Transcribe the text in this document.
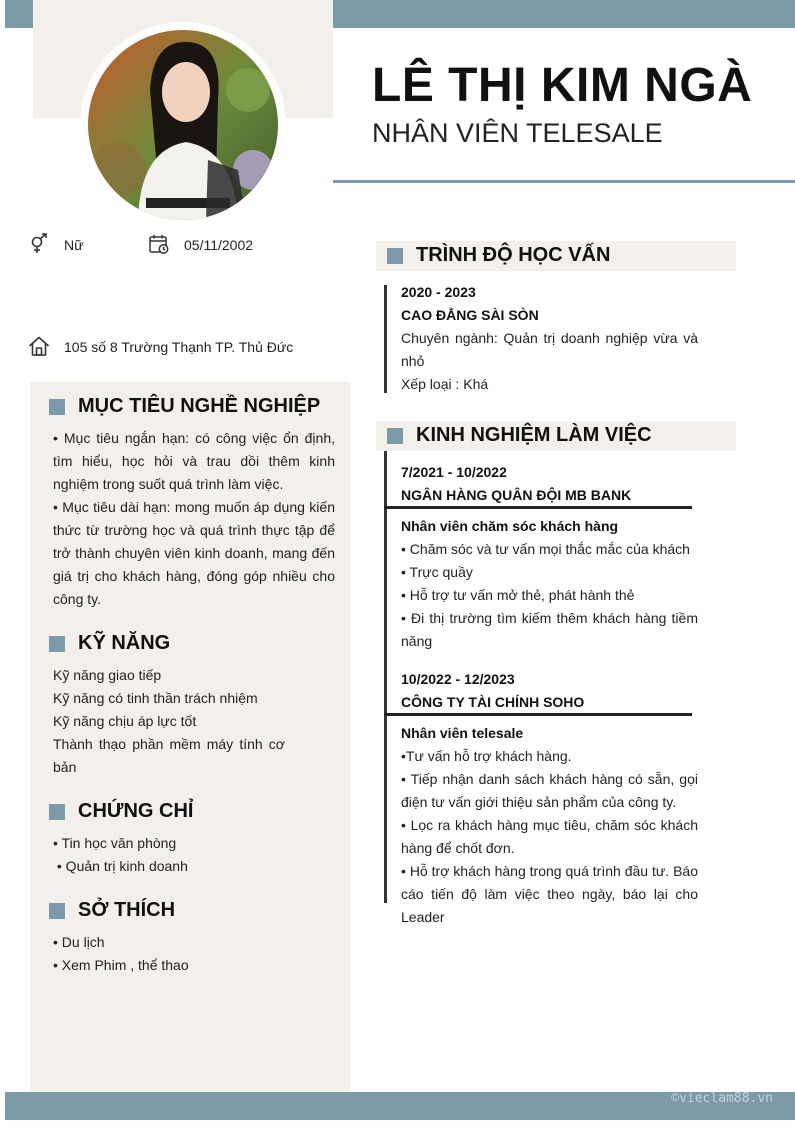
LÊ THỊ KIM NGÀ
NHÂN VIÊN TELESALE
Nữ	05/11/2002
105 số 8 Trường Thạnh TP. Thủ Đức
MỤC TIÊU NGHỀ NGHIỆP
• Mục tiêu ngắn hạn: có công việc ổn định, tìm hiểu, học hỏi và trau dồi thêm kinh nghiệm trong suốt quá trình làm việc.
• Mục tiêu dài hạn: mong muốn áp dụng kiến thức từ trường học và quá trình thực tập để trở thành chuyên viên kinh doanh, mang đến giá trị cho khách hàng, đóng góp nhiều cho công ty.
KỸ NĂNG
Kỹ năng giao tiếp
Kỹ năng có tinh thần trách nhiệm
Kỹ năng chịu áp lực tốt
Thành thạo phần mềm máy tính cơ bản
CHỨNG CHỈ
• Tin học văn phòng
• Quản trị kinh doanh
SỞ THÍCH
• Du lịch
• Xem Phim , thể thao
TRÌNH ĐỘ HỌC VẤN
2020 - 2023
CAO ĐẲNG SÀI SÒN
Chuyên ngành: Quản trị doanh nghiệp vừa và nhỏ
Xếp loại : Khá
KINH NGHIỆM LÀM VIỆC
7/2021 - 10/2022
NGÂN HÀNG QUÂN ĐỘI MB BANK
Nhân viên chăm sóc khách hàng
• Chăm sóc và tư vấn mọi thắc mắc của khách
• Trực quầy
• Hỗ trợ tư vấn mở thẻ, phát hành thẻ
• Đi thị trường tìm kiếm thêm khách hàng tiềm năng
10/2022 - 12/2023
CÔNG TY TÀI CHÍNH SOHO
Nhân viên telesale
•Tư vấn hỗ trợ khách hàng.
• Tiếp nhận danh sách khách hàng có sẵn, gọi điện tư vấn giới thiệu sản phẩm của công ty.
• Lọc ra khách hàng mục tiêu, chăm sóc khách hàng để chốt đơn.
• Hỗ trợ khách hàng trong quá trình đầu tư. Báo cáo tiến độ làm việc theo ngày, báo lại cho Leader
©vieclam88.vn
